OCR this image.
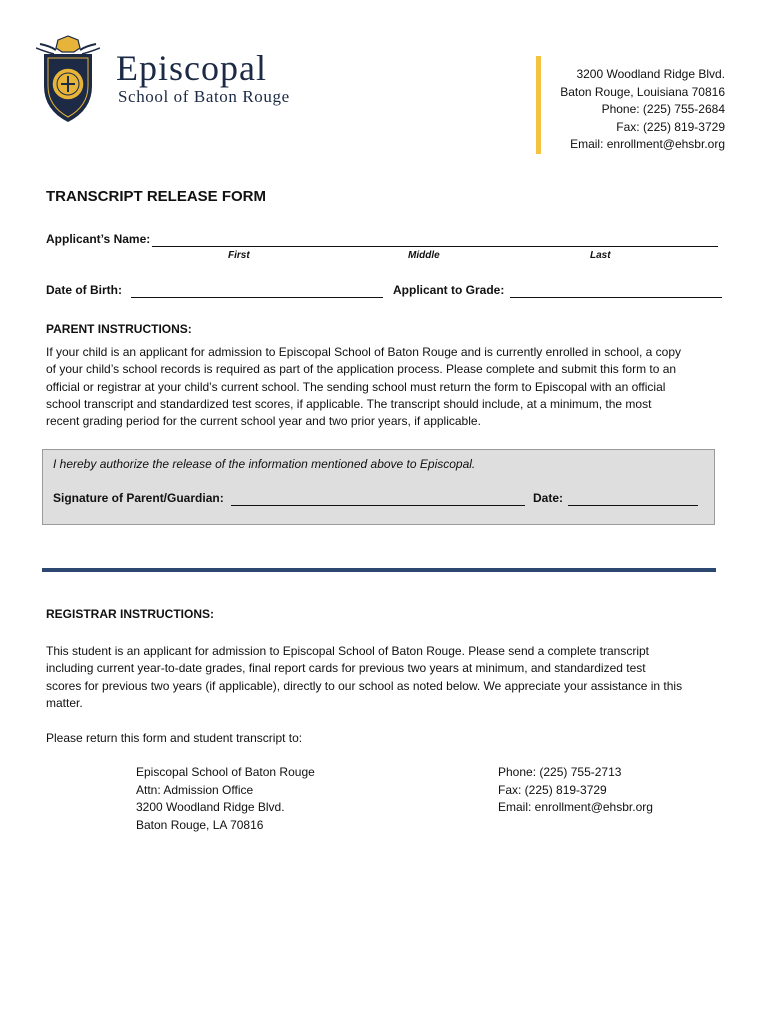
Episcopal
School of Baton Rouge
3200 Woodland Ridge Blvd.
Baton Rouge, Louisiana 70816
Phone: (225) 755-2684
Fax: (225) 819-3729
Email: enrollment@ehsbr.org
TRANSCRIPT RELEASE FORM
Applicant’s Name:
First	Middle	Last
Date of Birth:	Applicant to Grade:
PARENT INSTRUCTIONS:
If your child is an applicant for admission to Episcopal School of Baton Rouge and is currently enrolled in school, a copy
of your child’s school records is required as part of the application process. Please complete and submit this form to an
official or registrar at your child’s current school. The sending school must return the form to Episcopal with an official
school transcript and standardized test scores, if applicable. The transcript should include, at a minimum, the most
recent grading period for the current school year and two prior years, if applicable.
I hereby authorize the release of the information mentioned above to Episcopal.
Signature of Parent/Guardian:	Date:
REGISTRAR INSTRUCTIONS:
This student is an applicant for admission to Episcopal School of Baton Rouge. Please send a complete transcript
including current year-to-date grades, final report cards for previous two years at minimum, and standardized test
scores for previous two years (if applicable), directly to our school as noted below. We appreciate your assistance in this
matter.
Please return this form and student transcript to:
Episcopal School of Baton Rouge
Attn: Admission Office
3200 Woodland Ridge Blvd.
Baton Rouge, LA 70816
Phone: (225) 755-2713
Fax: (225) 819-3729
Email: enrollment@ehsbr.org
